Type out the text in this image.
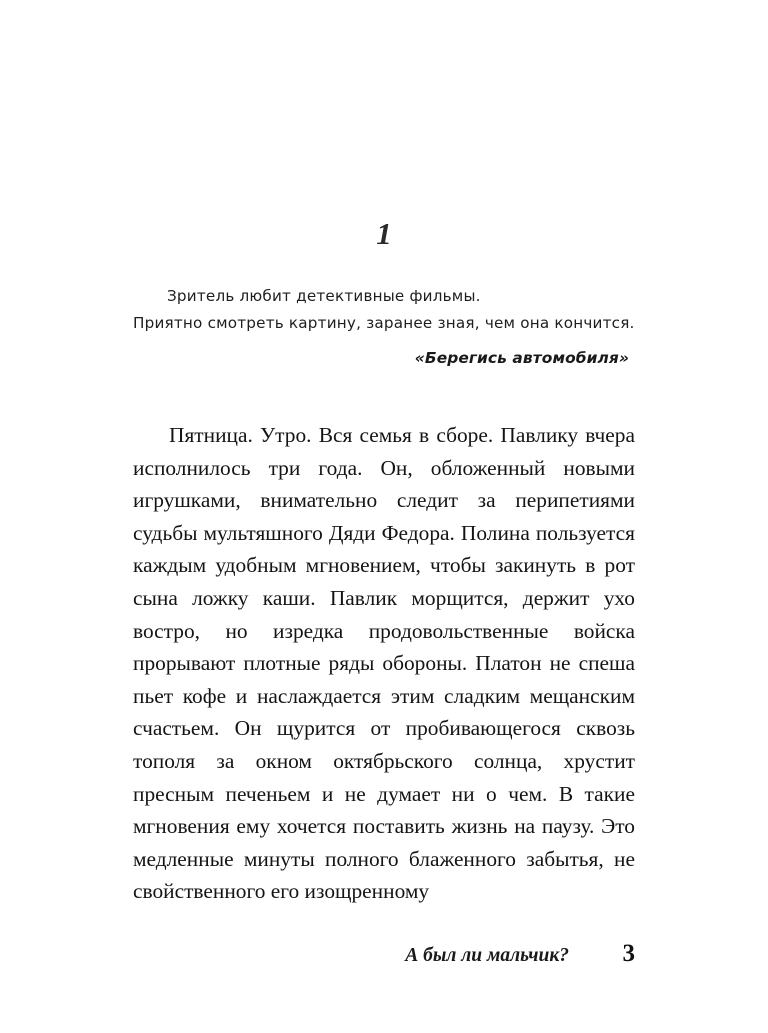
1
Зритель любит детективные фильмы.
Приятно смотреть картину, заранее зная, чем она кончится.
«Берегись автомобиля»

Пятница. Утро. Вся семья в сборе. Павлику вчера исполнилось три года. Он, обложенный новыми игрушками, внимательно следит за перипетиями судьбы мультяшного Дяди Федора. Полина пользуется каждым удобным мгновением, чтобы закинуть в рот сына ложку каши. Павлик морщится, держит ухо востро, но изредка продовольственные войска прорывают плотные ряды обороны. Платон не спеша пьет кофе и наслаждается этим сладким мещанским счастьем. Он щурится от пробивающегося сквозь тополя за окном октябрьского солнца, хрустит пресным печеньем и не думает ни о чем. В такие мгновения ему хочется поставить жизнь на паузу. Это медленные минуты полного блаженного забытья, не свойственного его изощренному

А был ли мальчик? 3
